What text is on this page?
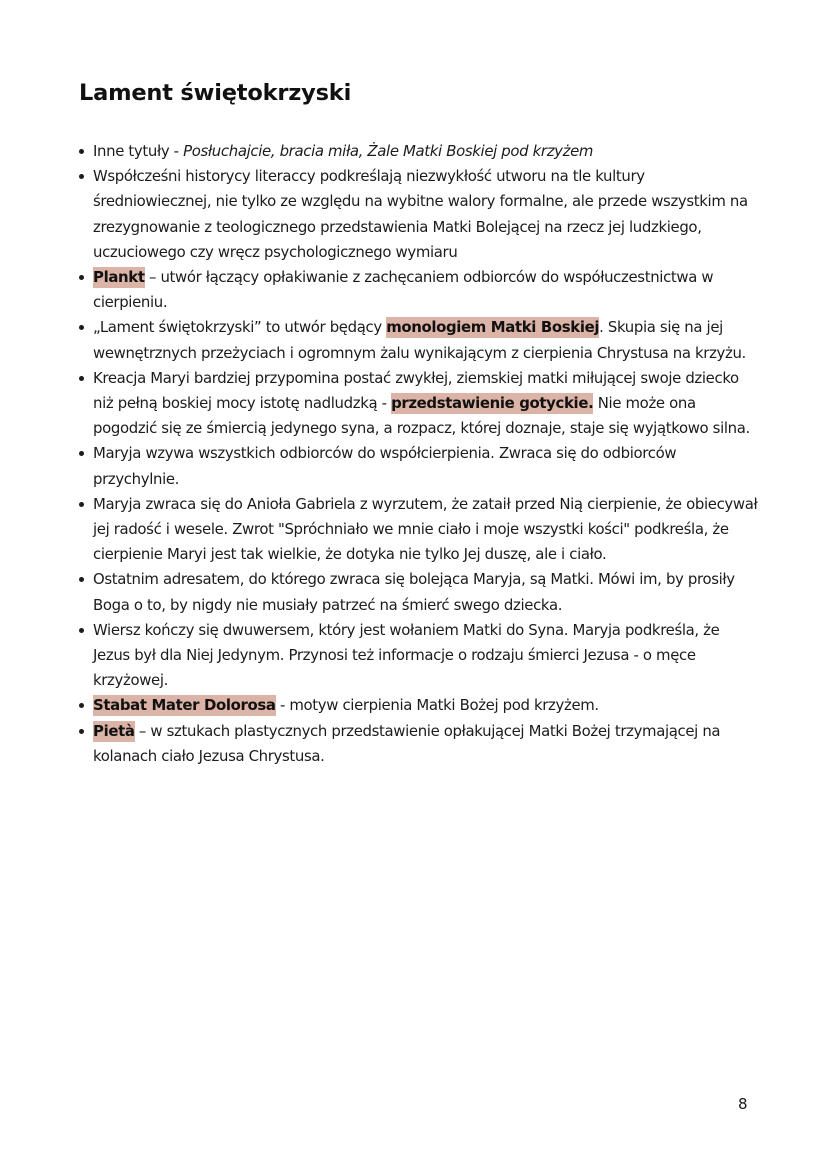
Lament świętokrzyski
Inne tytuły - Posłuchajcie, bracia miła, Żale Matki Boskiej pod krzyżem
Współcześni historycy literaccy podkreślają niezwykłość utworu na tle kultury średniowiecznej, nie tylko ze względu na wybitne walory formalne, ale przede wszystkim na zrezygnowanie z teologicznego przedstawienia Matki Bolejącej na rzecz jej ludzkiego, uczuciowego czy wręcz psychologicznego wymiaru
Plankt – utwór łączący opłakiwanie z zachęcaniem odbiorców do współuczestnictwa w cierpieniu.
„Lament świętokrzyski” to utwór będący monologiem Matki Boskiej. Skupia się na jej wewnętrznych przeżyciach i ogromnym żalu wynikającym z cierpienia Chrystusa na krzyżu.
Kreacja Maryi bardziej przypomina postać zwykłej, ziemskiej matki miłującej swoje dziecko niż pełną boskiej mocy istotę nadludzką - przedstawienie gotyckie. Nie może ona pogodzić się ze śmiercią jedynego syna, a rozpacz, której doznaje, staje się wyjątkowo silna.
Maryja wzywa wszystkich odbiorców do współcierpienia. Zwraca się do odbiorców przychylnie.
Maryja zwraca się do Anioła Gabriela z wyrzutem, że zataił przed Nią cierpienie, że obiecywał jej radość i wesele. Zwrot "Spróchniało we mnie ciało i moje wszystki kości" podkreśla, że cierpienie Maryi jest tak wielkie, że dotyka nie tylko Jej duszę, ale i ciało.
Ostatnim adresatem, do którego zwraca się bolejąca Maryja, są Matki. Mówi im, by prosiły Boga o to, by nigdy nie musiały patrzeć na śmierć swego dziecka.
Wiersz kończy się dwuwersem, który jest wołaniem Matki do Syna. Maryja podkreśla, że Jezus był dla Niej Jedynym. Przynosi też informacje o rodzaju śmierci Jezusa - o męce krzyżowej.
Stabat Mater Dolorosa - motyw cierpienia Matki Bożej pod krzyżem.
Pietà – w sztukach plastycznych przedstawienie opłakującej Matki Bożej trzymającej na kolanach ciało Jezusa Chrystusa.
8
